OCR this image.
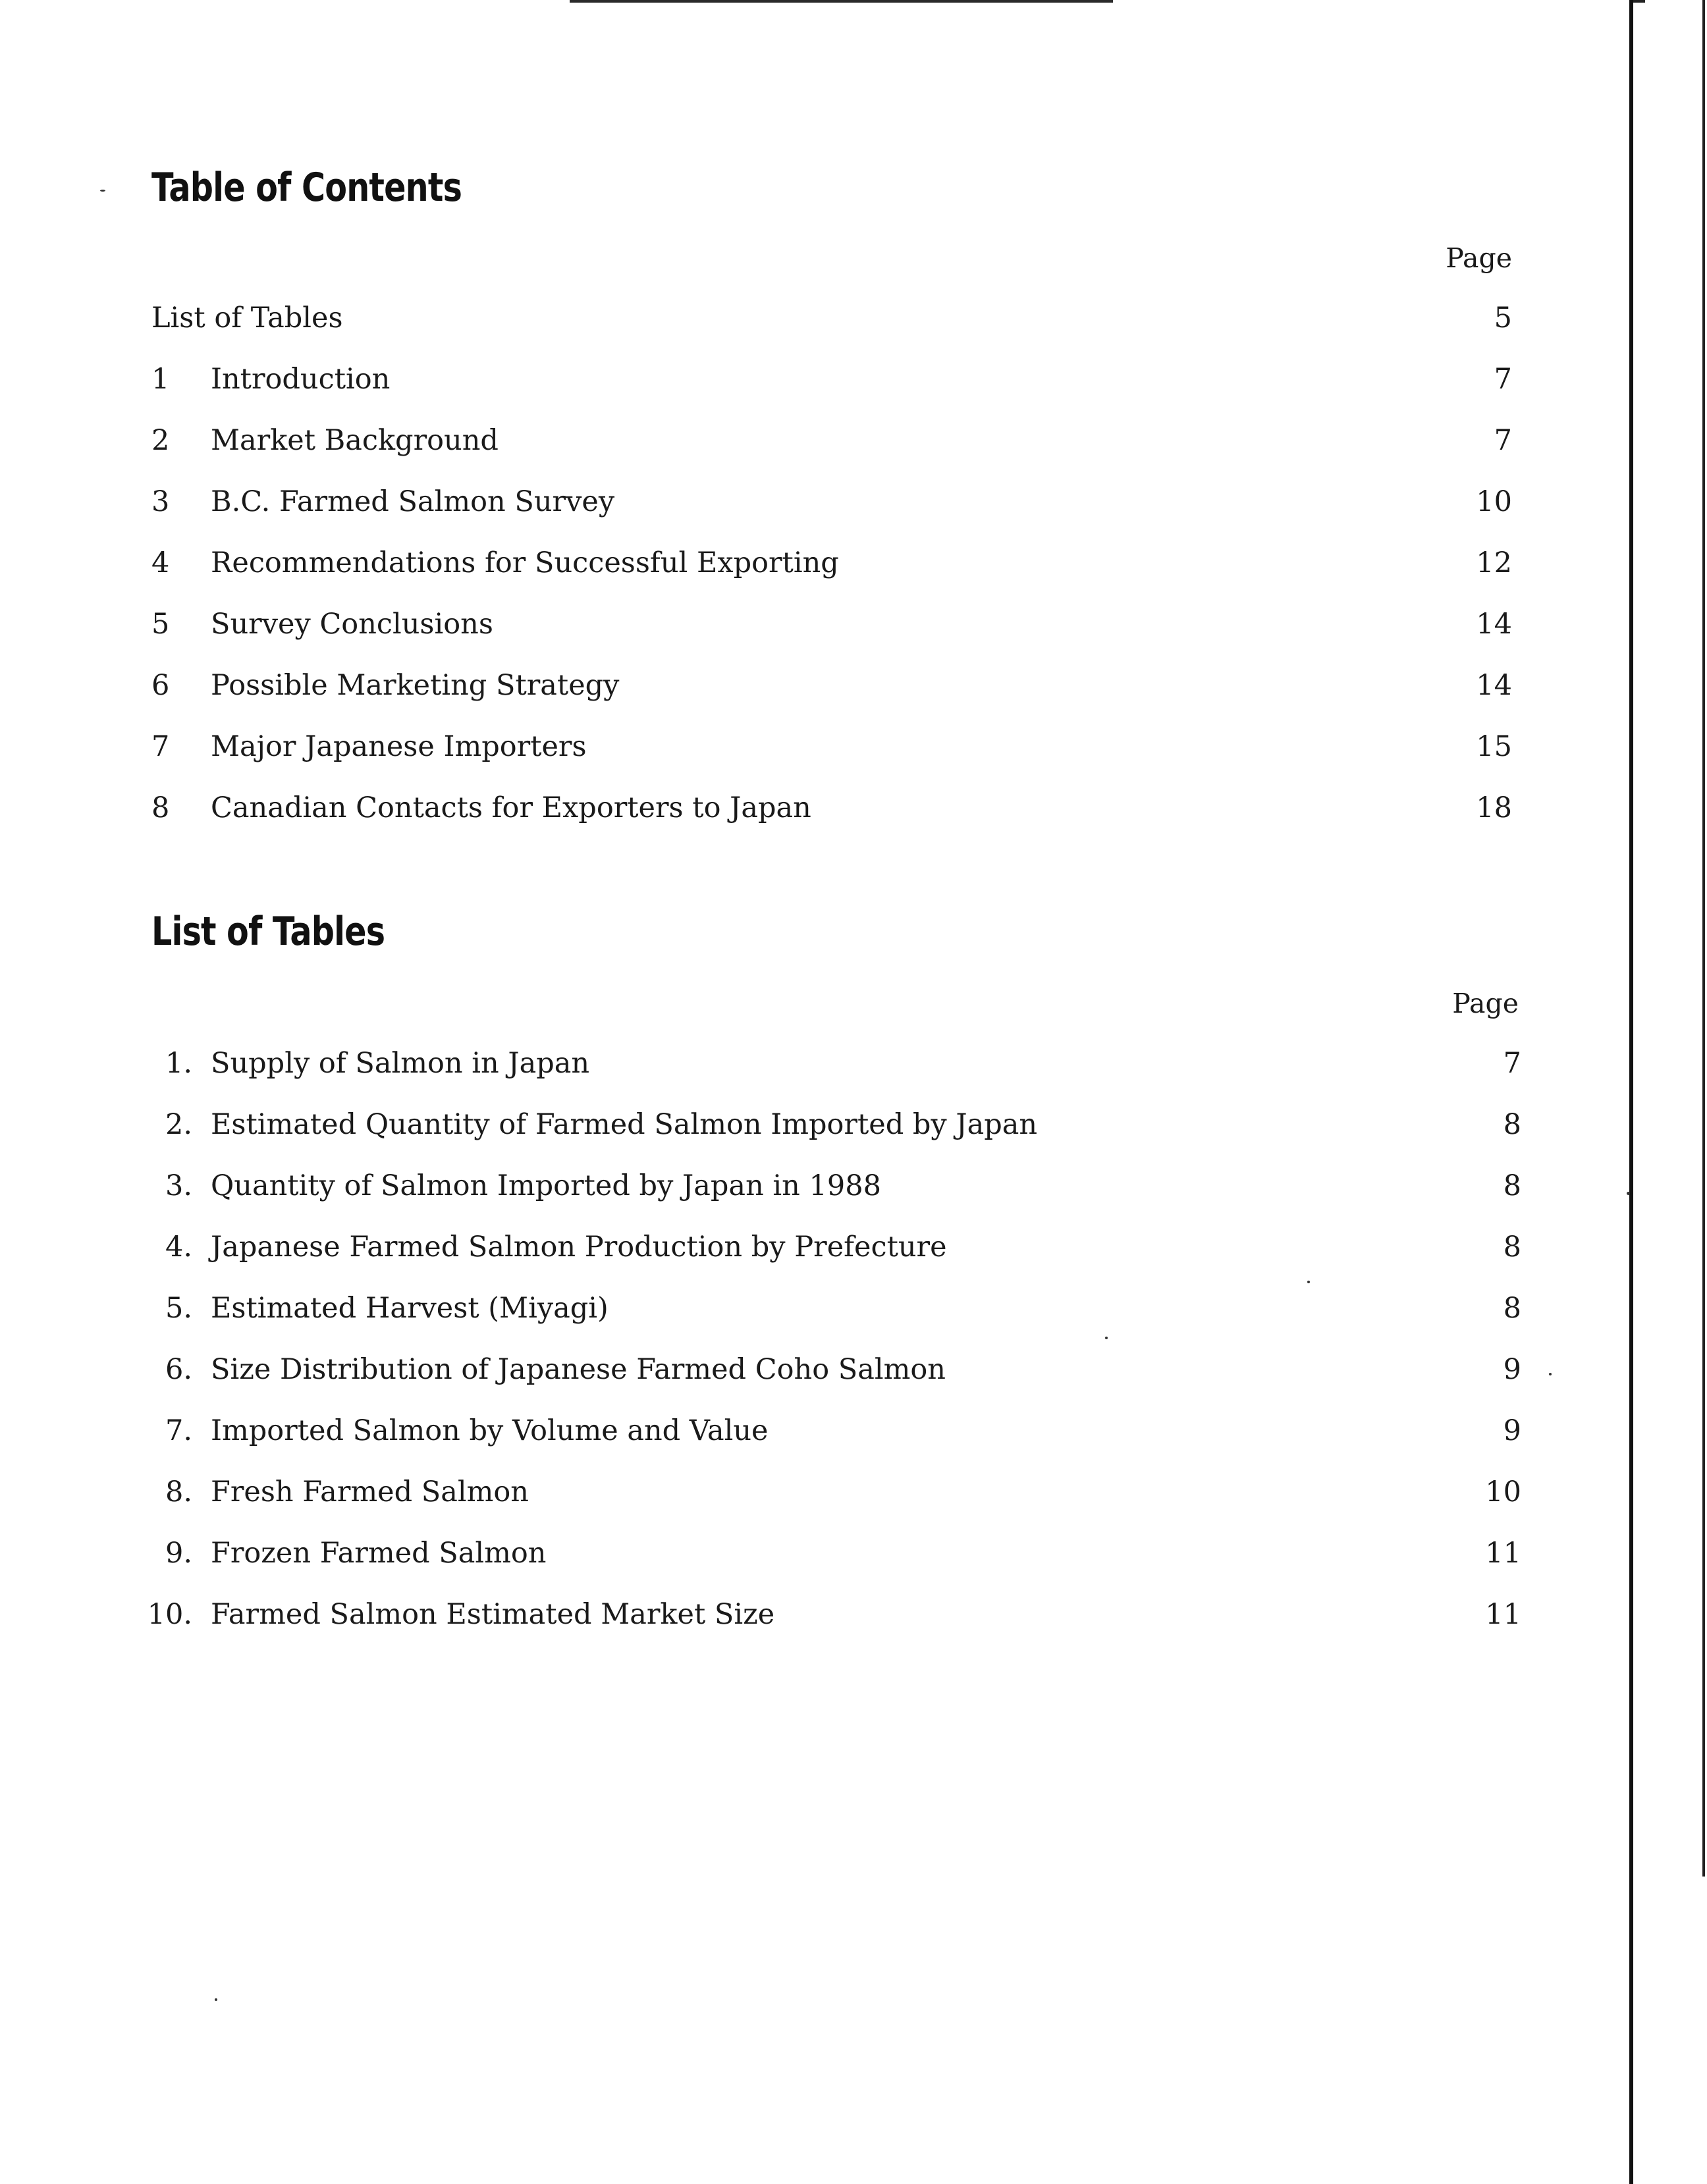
Table of Contents
Page
List of Tables	5
1 Introduction	7
2 Market Background	7
3 B.C. Farmed Salmon Survey	10
4 Recommendations for Successful Exporting	12
5 Survey Conclusions	14
6 Possible Marketing Strategy	14
7 Major Japanese Importers	15
8 Canadian Contacts for Exporters to Japan	18
List of Tables
Page
1. Supply of Salmon in Japan	7
2. Estimated Quantity of Farmed Salmon Imported by Japan	8
3. Quantity of Salmon Imported by Japan in 1988	8
4. Japanese Farmed Salmon Production by Prefecture	8
5. Estimated Harvest (Miyagi)	8
6. Size Distribution of Japanese Farmed Coho Salmon	9
7. Imported Salmon by Volume and Value	9
8. Fresh Farmed Salmon	10
9. Frozen Farmed Salmon	11
10. Farmed Salmon Estimated Market Size	11
